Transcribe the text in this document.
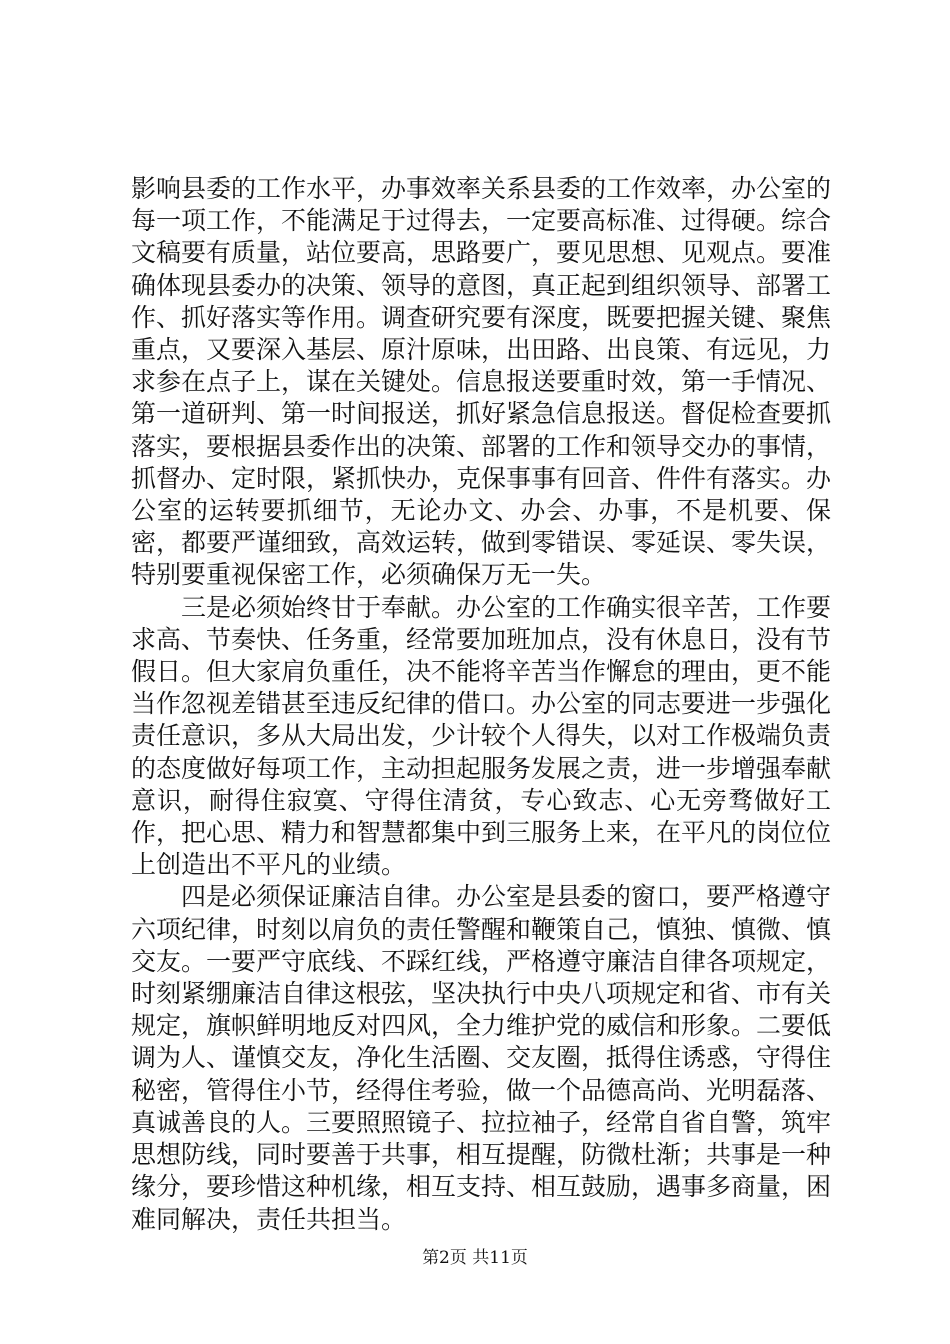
影响县委的工作水平，办事效率关系县委的工作效率，办公室的每一项工作，不能满足于过得去，一定要高标准、过得硬。综合文稿要有质量，站位要高，思路要广，要见思想、见观点。要准确体现县委办的决策、领导的意图，真正起到组织领导、部署工作、抓好落实等作用。调查研究要有深度，既要把握关键、聚焦重点，又要深入基层、原汁原味，出田路、出良策、有远见，力求参在点子上，谋在关键处。信息报送要重时效，第一手情况、第一道研判、第一时间报送，抓好紧急信息报送。督促检查要抓落实，要根据县委作出的决策、部署的工作和领导交办的事情，抓督办、定时限，紧抓快办，克保事事有回音、件件有落实。办公室的运转要抓细节，无论办文、办会、办事，不是机要、保密，都要严谨细致，高效运转，做到零错误、零延误、零失误，特别要重视保密工作，必须确保万无一失。

三是必须始终甘于奉献。办公室的工作确实很辛苦，工作要求高、节奏快、任务重，经常要加班加点，没有休息日，没有节假日。但大家肩负重任，决不能将辛苦当作懈怠的理由，更不能当作忽视差错甚至违反纪律的借口。办公室的同志要进一步强化责任意识，多从大局出发，少计较个人得失，以对工作极端负责的态度做好每项工作，主动担起服务发展之责，进一步增强奉献意识，耐得住寂寞、守得住清贫，专心致志、心无旁骛做好工作，把心思、精力和智慧都集中到三服务上来，在平凡的岗位位上创造出不平凡的业绩。

四是必须保证廉洁自律。办公室是县委的窗口，要严格遵守六项纪律，时刻以肩负的责任警醒和鞭策自己，慎独、慎微、慎交友。一要严守底线、不踩红线，严格遵守廉洁自律各项规定，时刻紧绷廉洁自律这根弦，坚决执行中央八项规定和省、市有关规定，旗帜鲜明地反对四风，全力维护党的威信和形象。二要低调为人、谨慎交友，净化生活圈、交友圈，抵得住诱惑，守得住秘密，管得住小节，经得住考验，做一个品德高尚、光明磊落、真诚善良的人。三要照照镜子、拉拉袖子，经常自省自警，筑牢思想防线，同时要善于共事，相互提醒，防微杜渐；共事是一种缘分，要珍惜这种机缘，相互支持、相互鼓励，遇事多商量，困难同解决，责任共担当。

第2页 共11页
